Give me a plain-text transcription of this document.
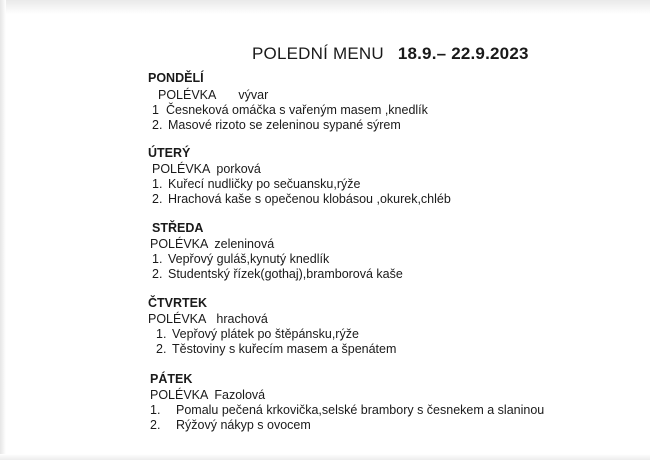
POLEDNÍ MENU 18.9.– 22.9.2023
PONDĚLÍ
POLÉVKA vývar
1 Česneková omáčka s vařeným masem ,knedlík
2. Masové rizoto se zeleninou sypané sýrem
ÚTERÝ
POLÉVKA porková
1. Kuřecí nudličky po sečuansku,rýže
2. Hrachová kaše s opečenou klobásou ,okurek,chléb
STŘEDA
POLÉVKA zeleninová
1. Vepřový guláš,kynutý knedlík
2. Studentský řízek(gothaj),bramborová kaše
ČTVRTEK
POLÉVKA hrachová
1. Vepřový plátek po štěpánsku,rýže
2. Těstoviny s kuřecím masem a špenátem
PÁTEK
POLÉVKA Fazolová
1. Pomalu pečená krkovička,selské brambory s česnekem a slaninou
2. Rýžový nákyp s ovocem
